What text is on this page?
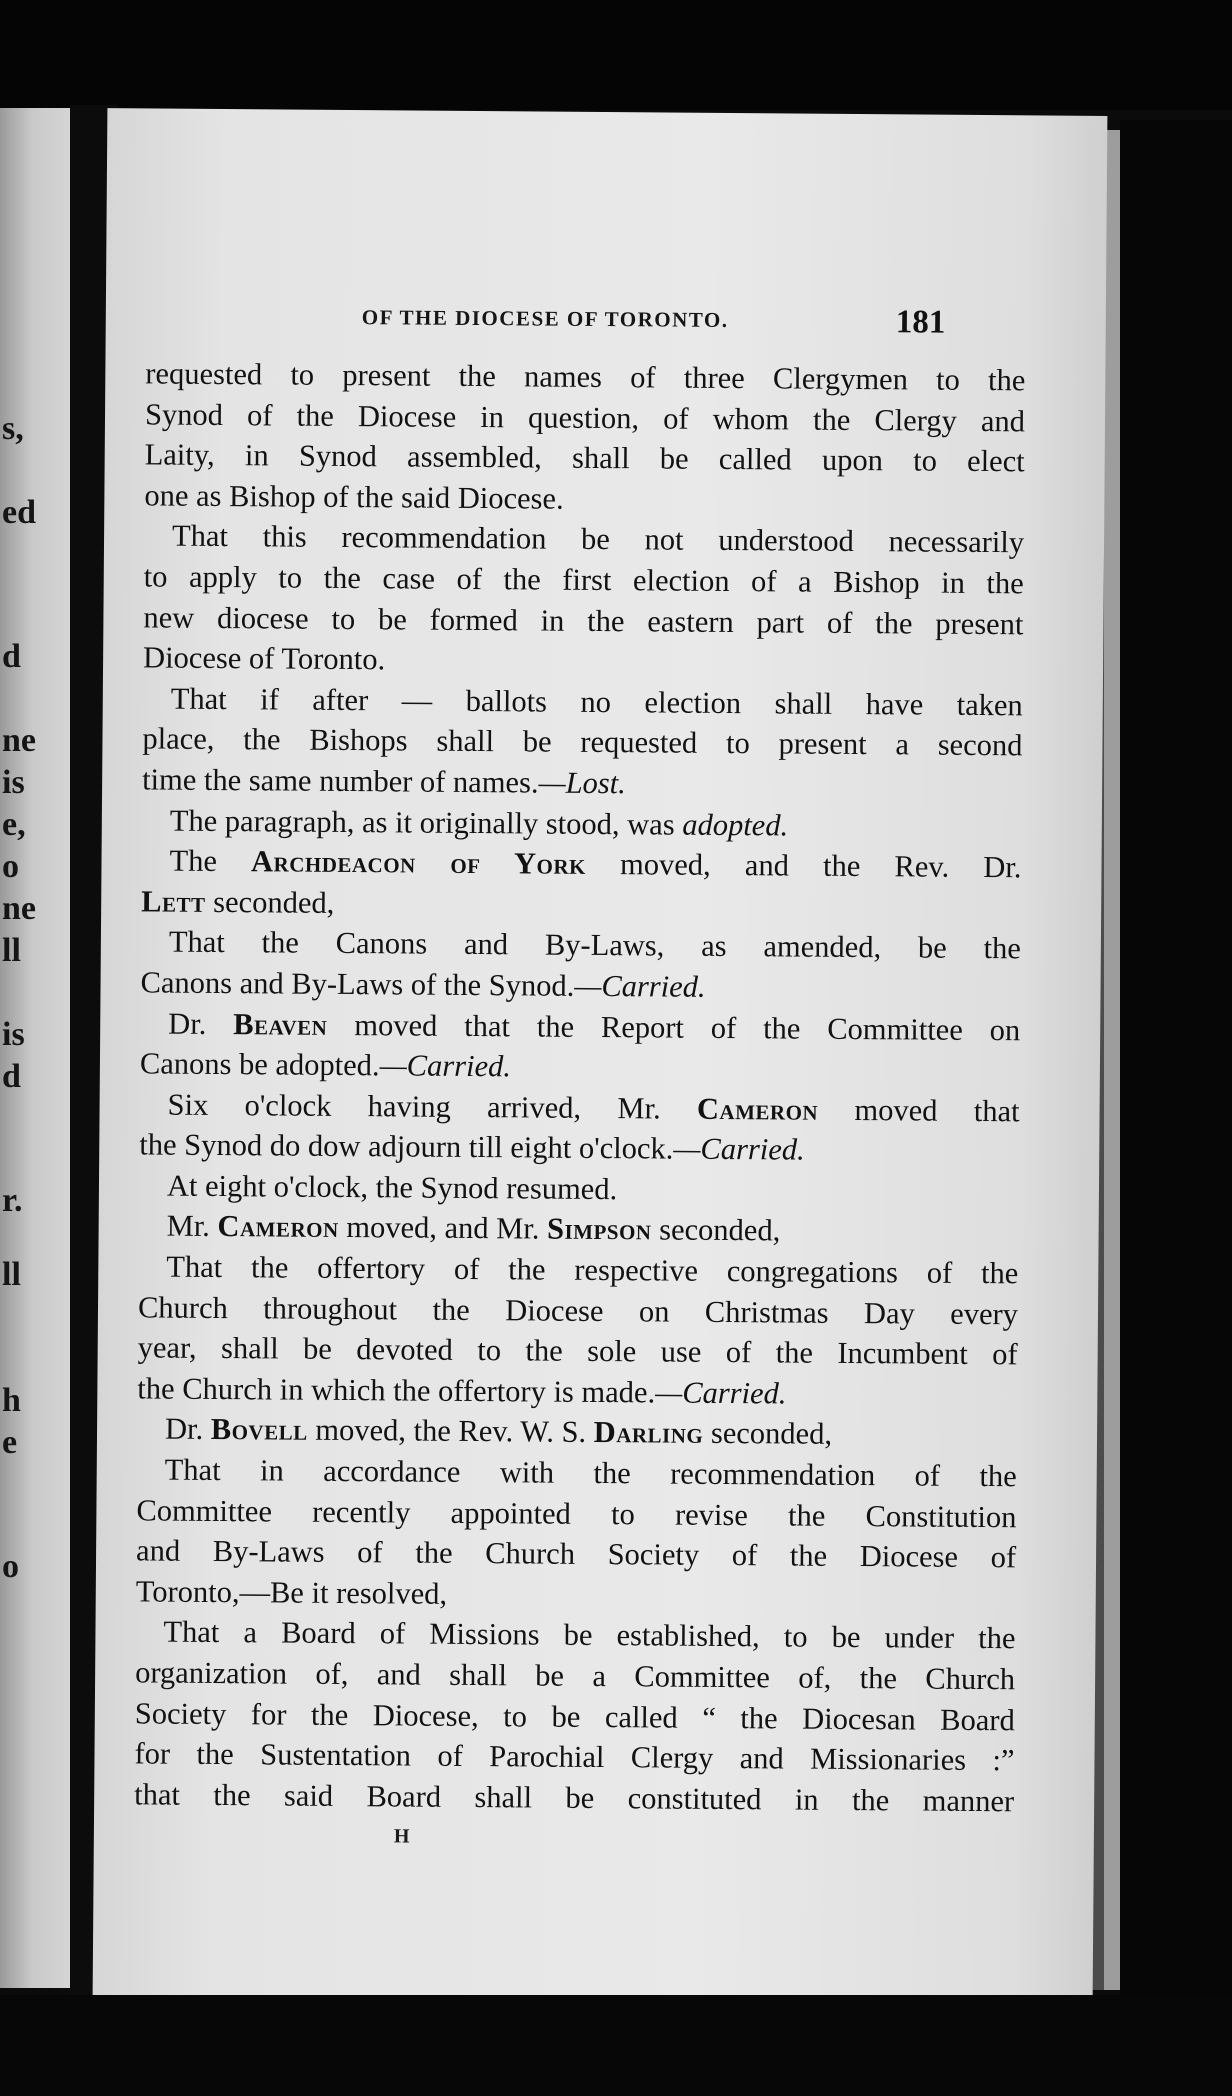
s,
ed
d
ne
is
e,
o
ne
ll
is
d
r.
ll
h
e
o
OF THE DIOCESE OF TORONTO.	181

requested to present the names of three Clergymen to the
Synod of the Diocese in question, of whom the Clergy and
Laity, in Synod assembled, shall be called upon to elect
one as Bishop of the said Diocese.

That this recommendation be not understood necessarily
to apply to the case of the first election of a Bishop in the
new diocese to be formed in the eastern part of the present
Diocese of Toronto.

That if after — ballots no election shall have taken
place, the Bishops shall be requested to present a second
time the same number of names.—Lost.

The paragraph, as it originally stood, was adopted.

The Archdeacon of York moved, and the Rev. Dr.
Lett seconded,

That the Canons and By-Laws, as amended, be the
Canons and By-Laws of the Synod.—Carried.

Dr. Beaven moved that the Report of the Committee on
Canons be adopted.—Carried.

Six o'clock having arrived, Mr. Cameron moved that
the Synod do dow adjourn till eight o'clock.—Carried.

At eight o'clock, the Synod resumed.

Mr. Cameron moved, and Mr. Simpson seconded,

That the offertory of the respective congregations of the
Church throughout the Diocese on Christmas Day every
year, shall be devoted to the sole use of the Incumbent of
the Church in which the offertory is made.—Carried.

Dr. Bovell moved, the Rev. W. S. Darling seconded,

That in accordance with the recommendation of the
Committee recently appointed to revise the Constitution
and By-Laws of the Church Society of the Diocese of
Toronto,—Be it resolved,

That a Board of Missions be established, to be under the
organization of, and shall be a Committee of, the Church
Society for the Diocese, to be called “ the Diocesan Board
for the Sustentation of Parochial Clergy and Missionaries :”
that the said Board shall be constituted in the manner

H
